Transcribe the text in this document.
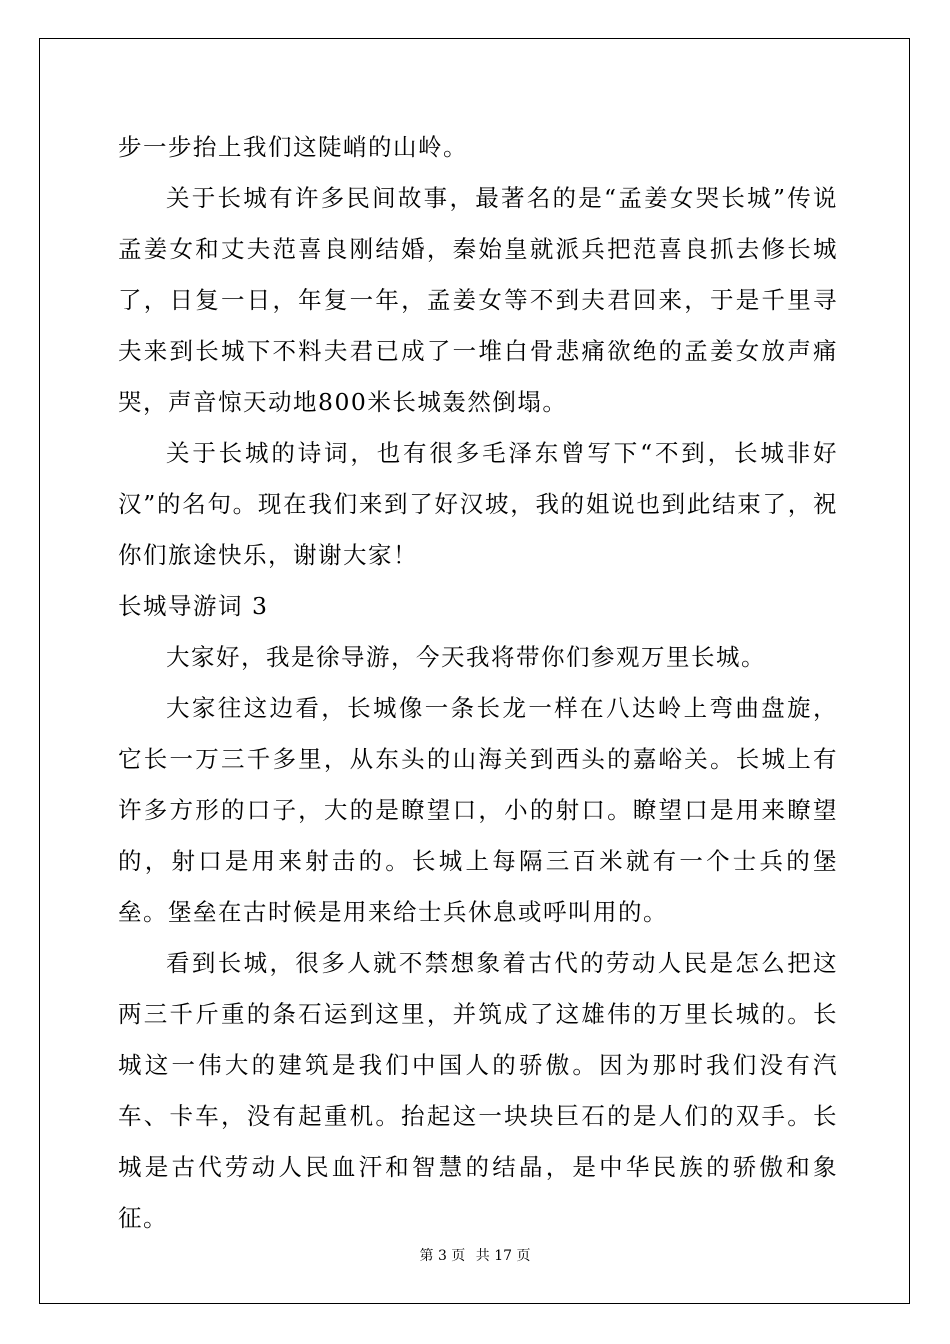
步一步抬上我们这陡峭的山岭。

关于长城有许多民间故事，最著名的是“孟姜女哭长城”传说孟姜女和丈夫范喜良刚结婚，秦始皇就派兵把范喜良抓去修长城了，日复一日，年复一年，孟姜女等不到夫君回来，于是千里寻夫来到长城下不料夫君已成了一堆白骨悲痛欲绝的孟姜女放声痛哭，声音惊天动地800米长城轰然倒塌。

关于长城的诗词，也有很多毛泽东曾写下“不到，长城非好汉”的名句。现在我们来到了好汉坡，我的姐说也到此结束了，祝你们旅途快乐，谢谢大家！

长城导游词 3

大家好，我是徐导游，今天我将带你们参观万里长城。

大家往这边看，长城像一条长龙一样在八达岭上弯曲盘旋，它长一万三千多里，从东头的山海关到西头的嘉峪关。长城上有许多方形的口子，大的是瞭望口，小的射口。瞭望口是用来瞭望的，射口是用来射击的。长城上每隔三百米就有一个士兵的堡垒。堡垒在古时候是用来给士兵休息或呼叫用的。

看到长城，很多人就不禁想象着古代的劳动人民是怎么把这两三千斤重的条石运到这里，并筑成了这雄伟的万里长城的。长城这一伟大的建筑是我们中国人的骄傲。因为那时我们没有汽车、卡车，没有起重机。抬起这一块块巨石的是人们的双手。长城是古代劳动人民血汗和智慧的结晶，是中华民族的骄傲和象征。

第 3 页 共 17 页
